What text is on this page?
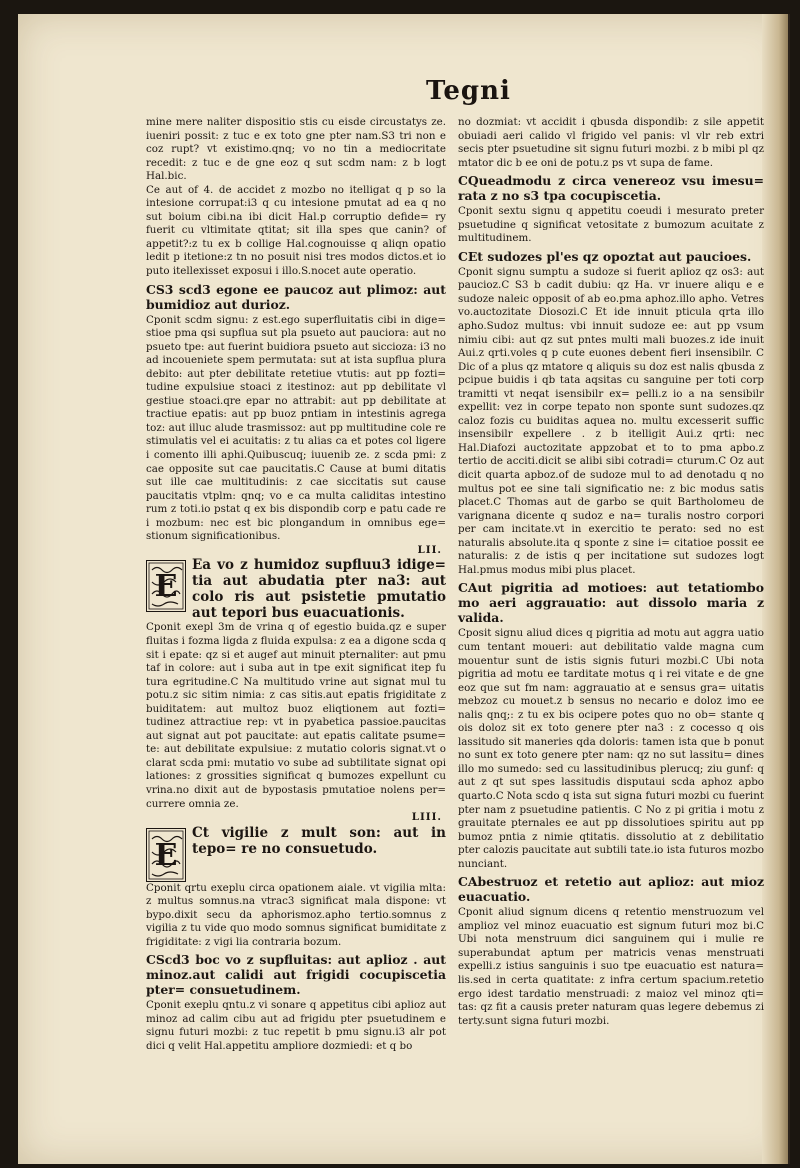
Tegni

mine mere naliter dispositio stis cu eisde circustatys ze. iueniri possit: z tuc e ex toto gne pter nam.S3 tri non e coz rupt? vt existimo.qnq; vo no tin a mediocritate recedit: z tuc e de gne eoz q sut scdm nam: z b logt Hal.bic.

Ce aut of 4. de accidet z mozbo no itelligat q p so la intesione corrupat:i3 q cu intesione pmutat ad ea q no sut boium cibi.na ibi dicit Hal.p corruptio defide= ry fuerit cu vltimitate qtitat; sit illa spes que canin? of appetit?:z tu ex b collige Hal.cognouisse q aliqn opatio ledit p itetione:z tn no posuit nisi tres modos dictos.et io puto itellexisset exposui i illo.S.nocet aute operatio.

CS3 scd3 egone ee paucoz aut plimoz: aut bumidioz aut durioz.

Cponit scdm signu: z est.ego superfluitatis cibi in dige= stioe pma qsi supflua sut pla psueto aut pauciora: aut no psueto tpe: aut fuerint buidiora psueto aut siccioza: i3 no ad incoueniete spem permutata: sut at ista supflua plura debito: aut pter debilitate retetiue vtutis: aut pp fozti= tudine expulsiue stoaci z itestinoz: aut pp debilitate vl gestiue stoaci.qre epar no attrabit: aut pp debilitate at tractiue epatis: aut pp buoz pntiam in intestinis agrega toz: aut illuc alude trasmissoz: aut pp multitudine cole re stimulatis vel ei acuitatis: z tu alias ca et potes col ligere i comento illi aphi.Quibuscuq; iuuenib ze. z scda pmi: z cae opposite sut cae paucitatis.C Cause at bumi ditatis sut ille cae multitudinis: z cae siccitatis sut cause paucitatis vtplm: qnq; vo e ca multa caliditas intestino rum z toti.io pstat q ex bis dispondib corp e patu cade re i mozbum: nec est bic plongandum in omnibus ege= stionum significationibus.

LII.

E

Ea vo z humidoz supfluu3 idige= tia aut abudatia pter na3: aut colo ris aut psistetie pmutatio aut tepori bus euacuationis.

Cponit exepl 3m de vrina q of egestio buida.qz e super fluitas i fozma ligda z fluida expulsa: z ea a digone scda q sit i epate: qz si et augef aut minuit pternaliter: aut pmu taf in colore: aut i suba aut in tpe exit significat itep fu tura egritudine.C Na multitudo vrine aut signat mul tu potu.z sic sitim nimia: z cas sitis.aut epatis frigiditate z buiditatem: aut multoz buoz eliqtionem aut fozti= tudinez attractiue rep: vt in pyabetica passioe.paucitas aut signat aut pot paucitate: aut epatis calitate psume= te: aut debilitate expulsiue: z mutatio coloris signat.vt o clarat scda pmi: mutatio vo sube ad subtilitate signat opi lationes: z grossities significat q bumozes expellunt cu vrina.no dixit aut de bypostasis pmutatioe nolens per= currere omnia ze.

LIII.

E

Ct vigilie z mult son: aut in tepo= re no consuetudo.

Cponit qrtu exeplu circa opationem aiale. vt vigilia mlta: z multus somnus.na vtrac3 significat mala dispone: vt bypo.dixit secu da aphorismoz.apho tertio.somnus z vigilia z tu vide quo modo somnus significat bumiditate z frigiditate: z vigi lia contraria bozum.

CScd3 boc vo z supfluitas: aut aplioz . aut minoz.aut calidi aut frigidi cocupiscetia pter= consuetudinem.

Cponit exeplu qntu.z vi sonare q appetitus cibi aplioz aut minoz ad calim cibu aut ad frigidu pter psuetudinem e signu futuri mozbi: z tuc repetit b pmu signu.i3 alr pot dici q velit Hal.appetitu ampliore dozmiedi: et q bo

no dozmiat: vt accidit i qbusda dispondib: z sile appetit obuiadi aeri calido vl frigido vel panis: vl vlr reb extri secis pter psuetudine sit signu futuri mozbi. z b mibi pl qz mtator dic b ee oni de potu.z ps vt supa de fame.

CQueadmodu z circa venereoz vsu imesu= rata z no s3 tpa cocupiscetia.

Cponit sextu signu q appetitu coeudi i mesurato preter psuetudine q significat vetositate z bumozum acuitate z multitudinem.

CEt sudozes pl'es qz opoztat aut paucioes.

Cponit signu sumptu a sudoze si fuerit aplioz qz os3: aut paucioz.C S3 b cadit dubiu: qz Ha. vr inuere aliqu e e sudoze naleic opposit of ab eo.pma aphoz.illo apho. Vetres vo.auctozitate Diosozi.C Et ide innuit pticula qrta illo apho.Sudoz multus: vbi innuit sudoze ee: aut pp vsum nimiu cibi: aut qz sut pntes multi mali buozes.z ide inuit Aui.z qrti.voles q p cute euones debent fieri insensibilr. C Dic of a plus qz mtatore q aliquis su doz est nalis qbusda z pcipue buidis i qb tata aqsitas cu sanguine per toti corp tramitti vt neqat isensibilr ex= pelli.z io a na sensibilr expellit: vez in corpe tepato non sponte sunt sudozes.qz caloz fozis cu buiditas aquea no. multu excesserit suffic insensibilr expellere . z b itelligit Aui.z qrti: nec Hal.Diafozi auctozitate appzobat et to to pma apbo.z tertio de acciti.dicit se alibi sibi cotradi= cturum.C Oz aut dicit quarta apboz.of de sudoze mul to ad denotadu q no multus pot ee sine tali significatio ne: z bic modus satis placet.C Thomas aut de garbo se quit Bartholomeu de varignana dicente q sudoz e na= turalis nostro corpori per cam incitate.vt in exercitio te perato: sed no est naturalis absolute.ita q sponte z sine i= citatioe possit ee naturalis: z de istis q per incitatione sut sudozes logt Hal.pmus modus mibi plus placet.

CAut pigritia ad motioes: aut tetatiombo mo aeri aggrauatio: aut dissolo maria z valida.

Cposit signu aliud dices q pigritia ad motu aut aggra uatio cum tentant moueri: aut debilitatio valde magna cum mouentur sunt de istis signis futuri mozbi.C Ubi nota pigritia ad motu ee tarditate motus q i rei vitate e de gne eoz que sut fm nam: aggrauatio at e sensus gra= uitatis mebzoz cu mouet.z b sensus no necario e doloz imo ee nalis qnq;: z tu ex bis ocipere potes quo no ob= stante q ois doloz sit ex toto genere pter na3 : z cocesso q ois lassitudo sit maneries qda doloris: tamen ista que b ponut no sunt ex toto genere pter nam: qz no sut lassitu= dines illo mo sumedo: sed cu lassitudinibus plerucq; ziu gunf: q aut z qt sut spes lassitudis disputaui scda aphoz apbo quarto.C Nota scdo q ista sut signa futuri mozbi cu fuerint pter nam z psuetudine patientis. C No z pi gritia i motu z grauitate pternales ee aut pp dissolutioes spiritu aut pp bumoz pntia z nimie qtitatis. dissolutio at z debilitatio pter calozis paucitate aut subtili tate.io ista futuros mozbo nunciant.

CAbestruoz et retetio aut aplioz: aut mioz euacuatio.

Cponit aliud signum dicens q retentio menstruozum vel amplioz vel minoz euacuatio est signum futuri moz bi.C Ubi nota menstruum dici sanguinem qui i mulie re superabundat aptum per matricis venas menstruati expelli.z istius sanguinis i suo tpe euacuatio est natura= lis.sed in certa quatitate: z infra certum spacium.retetio ergo idest tardatio menstruadi: z maioz vel minoz qti= tas: qz fit a causis preter naturam quas legere debemus zi terty.sunt signa futuri mozbi.
